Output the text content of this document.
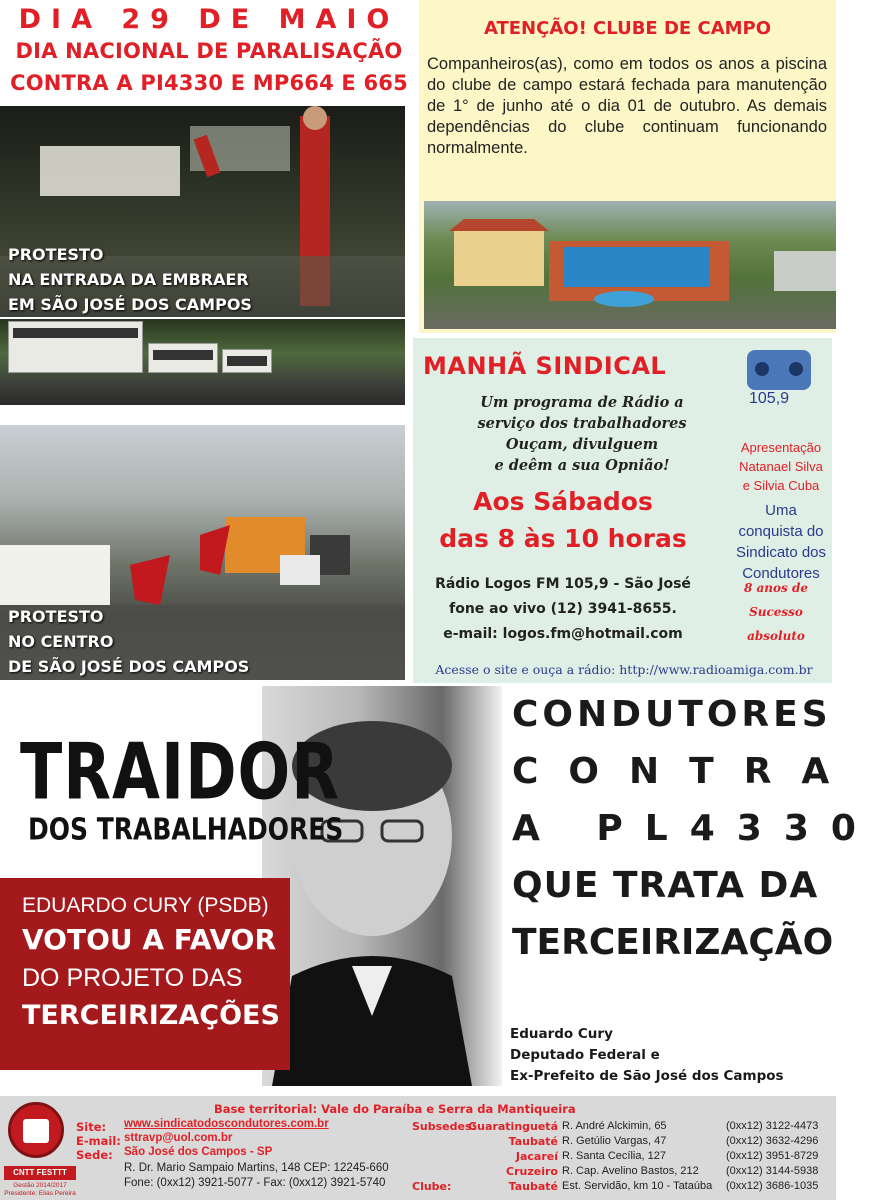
DIA 29 DE MAIO
DIA NACIONAL DE PARALISAÇÃO
CONTRA A PI4330 E MP664 E 665
PROTESTO
NA ENTRADA DA EMBRAER
EM SÃO JOSÉ DOS CAMPOS
PROTESTO
NO CENTRO
DE SÃO JOSÉ DOS CAMPOS
ATENÇÃO! CLUBE DE CAMPO
Companheiros(as), como em todos os anos a piscina do clube de campo estará fechada para manutenção de 1° de junho até o dia 01 de outubro. As demais dependências do clube continuam funcionando normalmente.
MANHÃ SINDICAL
105,9
Um programa de Rádio a
serviço dos trabalhadores
Ouçam, divulguem
e deêm a sua Opnião!
Apresentação
Natanael Silva
e Silvia Cuba
Aos Sábados
das 8 às 10 horas
Uma conquista do
Sindicato dos
Condutores
Rádio Logos FM 105,9 - São José
fone ao vivo (12) 3941-8655.
e-mail: logos.fm@hotmail.com
8 anos de
Sucesso absoluto
Acesse o site e ouça a rádio: http://www.radioamiga.com.br
TRAIDOR
DOS TRABALHADORES
EDUARDO CURY (PSDB)
VOTOU A FAVOR
DO PROJETO DAS
TERCEIRIZAÇÕES
CONDUTORES
CONTRA
A PL4330
QUE TRATA DA
TERCEIRIZAÇÃO
Eduardo Cury
Deputado Federal e
Ex-Prefeito de São José dos Campos
CNTT FESTTT
Gestão 2014/2017
Presidente: Elias Pereira
Base territorial: Vale do Paraíba e Serra da Mantiqueira
Site: www.sindicatodoscondutores.com.br
E-mail: sttravp@uol.com.br
Sede: São José dos Campos - SP
R. Dr. Mario Sampaio Martins, 148 CEP: 12245-660
Fone: (0xx12) 3921-5077 - Fax: (0xx12) 3921-5740
Subsedes:
Clube:
Guaratinguetá R. André Alckimin, 65	(0xx12) 3122-4473
Taubaté R. Getúlio Vargas, 47	(0xx12) 3632-4296
Jacareí R. Santa Cecília, 127	(0xx12) 3951-8729
Cruzeiro R. Cap. Avelino Bastos, 212 (0xx12) 3144-5938
Taubaté Est. Servidão, km 10 - Tataúba (0xx12) 3686-1035
